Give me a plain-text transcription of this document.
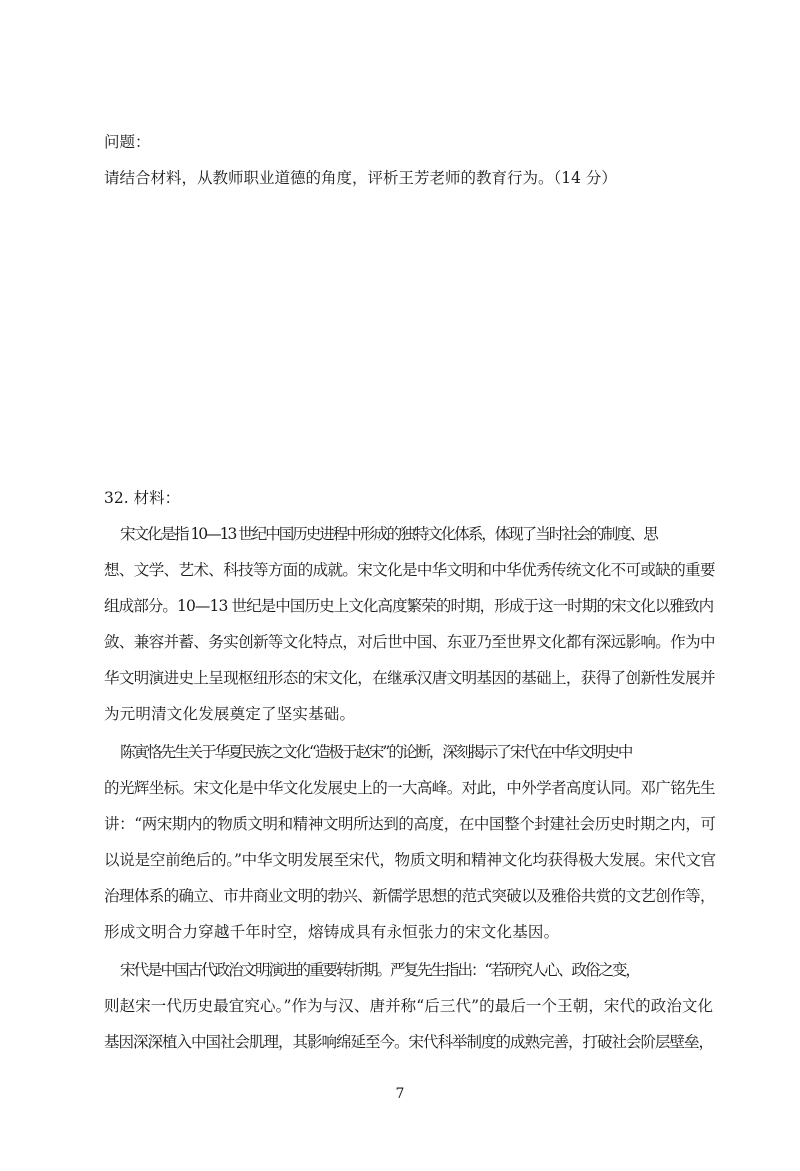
问题：
请结合材料，从教师职业道德的角度，评析王芳老师的教育行为。（14 分）
32. 材料：
宋文化是指 10—13 世纪中国历史进程中形成的独特文化体系，体现了当时社会的制度、思
想、文学、艺术、科技等方面的成就。宋文化是中华文明和中华优秀传统文化不可或缺的重要
组成部分。10—13 世纪是中国历史上文化高度繁荣的时期，形成于这一时期的宋文化以雅致内
敛、兼容并蓄、务实创新等文化特点，对后世中国、东亚乃至世界文化都有深远影响。作为中
华文明演进史上呈现枢纽形态的宋文化，在继承汉唐文明基因的基础上，获得了创新性发展并
为元明清文化发展奠定了坚实基础。
陈寅恪先生关于华夏民族之文化“造极于赵宋”的论断，深刻揭示了宋代在中华文明史中
的光辉坐标。宋文化是中华文化发展史上的一大高峰。对此，中外学者高度认同。邓广铭先生
讲：“两宋期内的物质文明和精神文明所达到的高度，在中国整个封建社会历史时期之内，可
以说是空前绝后的。”中华文明发展至宋代，物质文明和精神文化均获得极大发展。宋代文官
治理体系的确立、市井商业文明的勃兴、新儒学思想的范式突破以及雅俗共赏的文艺创作等，
形成文明合力穿越千年时空，熔铸成具有永恒张力的宋文化基因。
宋代是中国古代政治文明演进的重要转折期。严复先生指出：“若研究人心、政俗之变，
则赵宋一代历史最宜究心。”作为与汉、唐并称“后三代”的最后一个王朝，宋代的政治文化
基因深深植入中国社会肌理，其影响绵延至今。宋代科举制度的成熟完善，打破社会阶层壁垒，
7
